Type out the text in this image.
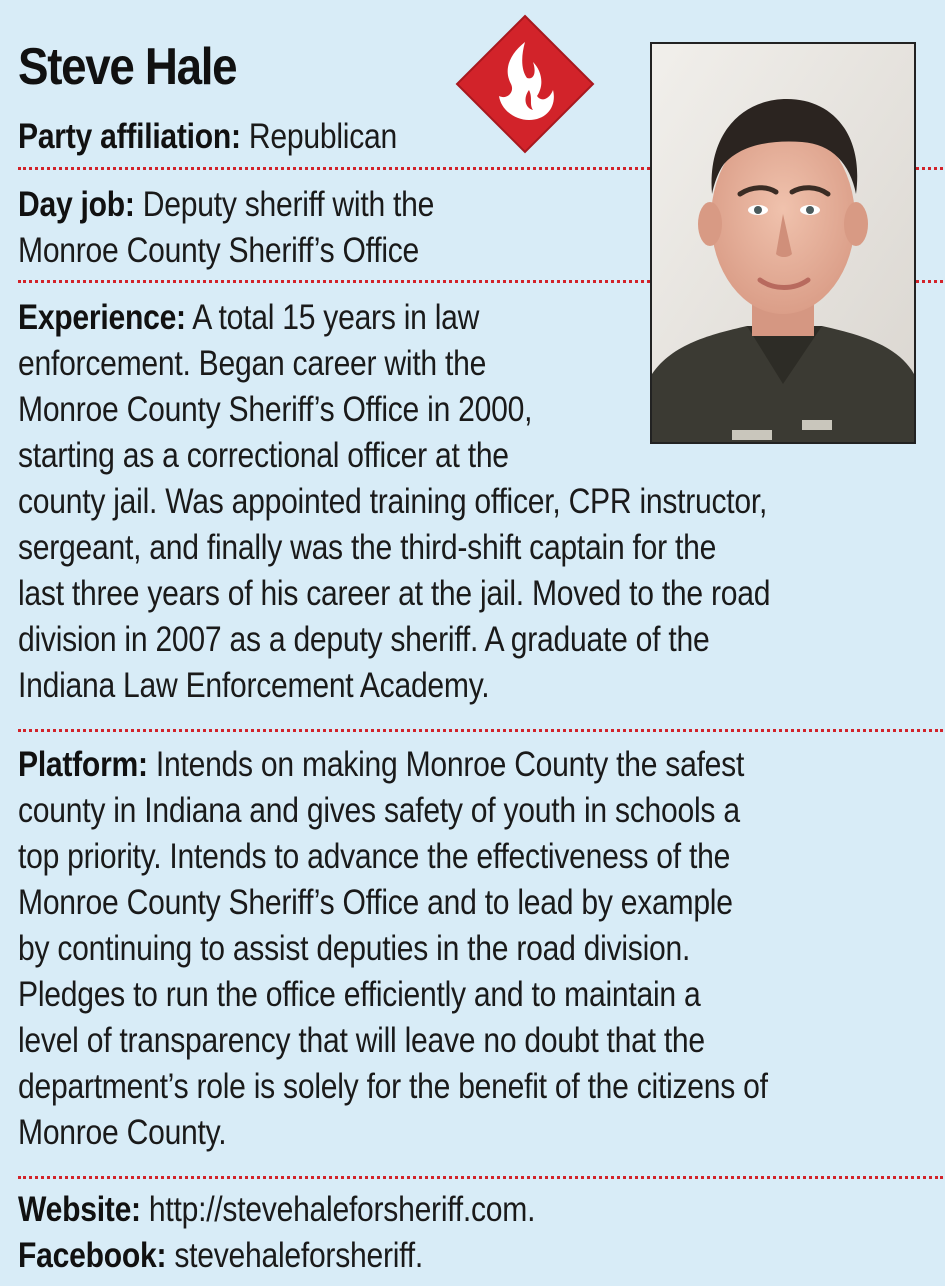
Steve Hale
Party affiliation: Republican
Day job: Deputy sheriff with the
Monroe County Sheriff’s Office
Experience: A total 15 years in law
enforcement. Began career with the
Monroe County Sheriff’s Office in 2000,
starting as a correctional officer at the
county jail. Was appointed training officer, CPR instructor,
sergeant, and finally was the third-shift captain for the
last three years of his career at the jail. Moved to the road
division in 2007 as a deputy sheriff. A graduate of the
Indiana Law Enforcement Academy.
Platform: Intends on making Monroe County the safest
county in Indiana and gives safety of youth in schools a
top priority. Intends to advance the effectiveness of the
Monroe County Sheriff’s Office and to lead by example
by continuing to assist deputies in the road division.
Pledges to run the office efficiently and to maintain a
level of transparency that will leave no doubt that the
department’s role is solely for the benefit of the citizens of
Monroe County.
Website: http://stevehaleforsheriff.com.
Facebook: stevehaleforsheriff.
